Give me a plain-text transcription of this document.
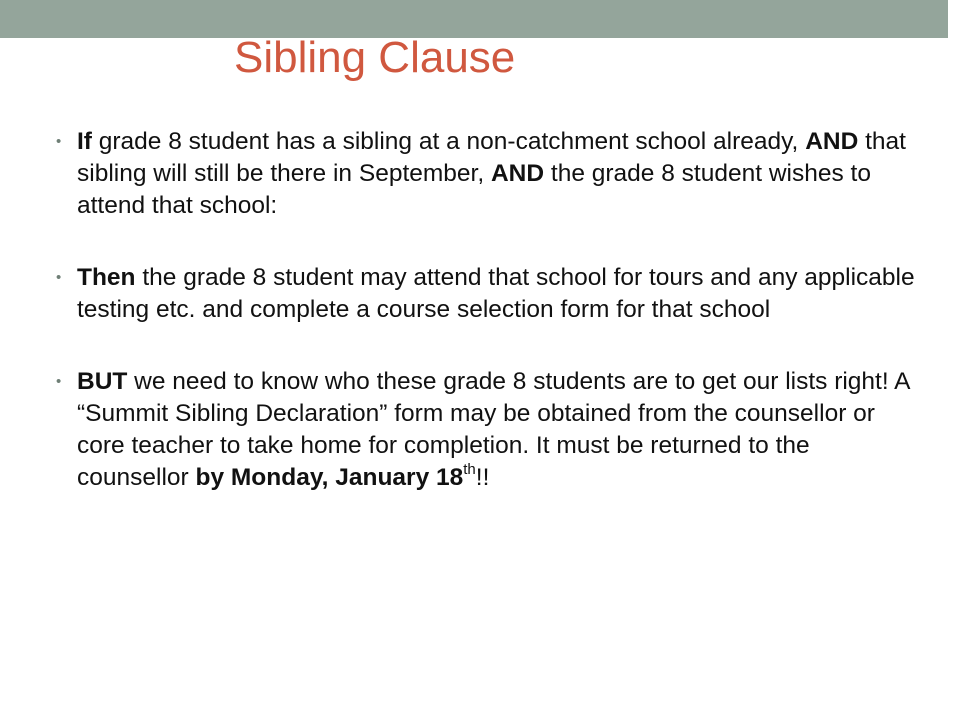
Sibling Clause
• If grade 8 student has a sibling at a non-catchment school already, AND that sibling will still be there in September, AND the grade 8 student wishes to attend that school:
• Then the grade 8 student may attend that school for tours and any applicable testing etc. and complete a course selection form for that school
• BUT we need to know who these grade 8 students are to get our lists right! A “Summit Sibling Declaration” form may be obtained from the counsellor or core teacher to take home for completion. It must be returned to the counsellor by Monday, January 18th!!
